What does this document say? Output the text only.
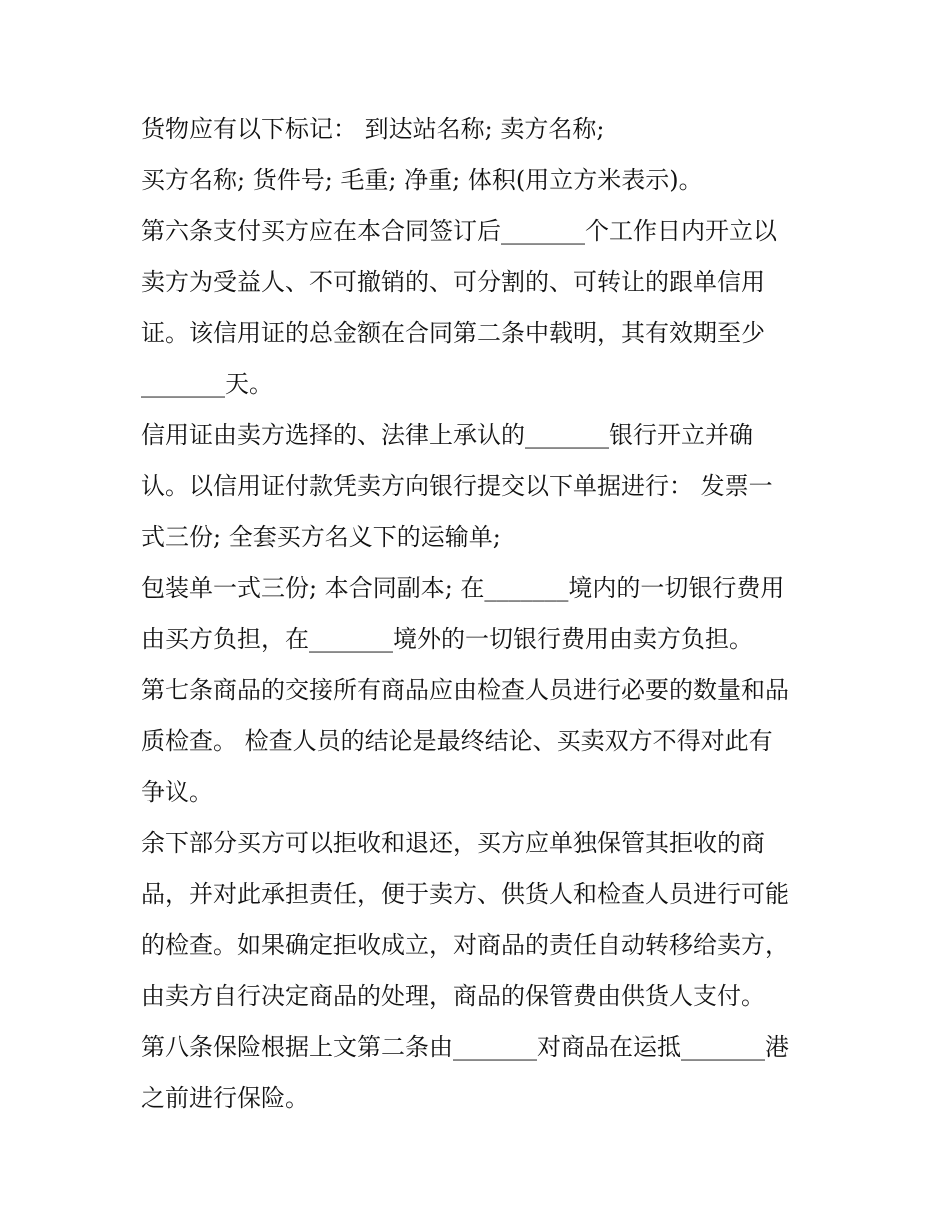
货物应有以下标记： 到达站名称; 卖方名称;
买方名称; 货件号; 毛重; 净重; 体积(用立方米表示)。
第六条支付买方应在本合同签订后_______个工作日内开立以
卖方为受益人、不可撤销的、可分割的、可转让的跟单信用
证。该信用证的总金额在合同第二条中载明，其有效期至少
_______天。
信用证由卖方选择的、法律上承认的_______银行开立并确
认。以信用证付款凭卖方向银行提交以下单据进行： 发票一
式三份; 全套买方名义下的运输单;
包装单一式三份; 本合同副本; 在_______境内的一切银行费用
由买方负担，在_______境外的一切银行费用由卖方负担。
第七条商品的交接所有商品应由检查人员进行必要的数量和品
质检查。 检查人员的结论是最终结论、买卖双方不得对此有
争议。
余下部分买方可以拒收和退还，买方应单独保管其拒收的商
品，并对此承担责任，便于卖方、供货人和检查人员进行可能
的检查。如果确定拒收成立，对商品的责任自动转移给卖方，
由卖方自行决定商品的处理，商品的保管费由供货人支付。
第八条保险根据上文第二条由_______对商品在运抵_______港
之前进行保险。
